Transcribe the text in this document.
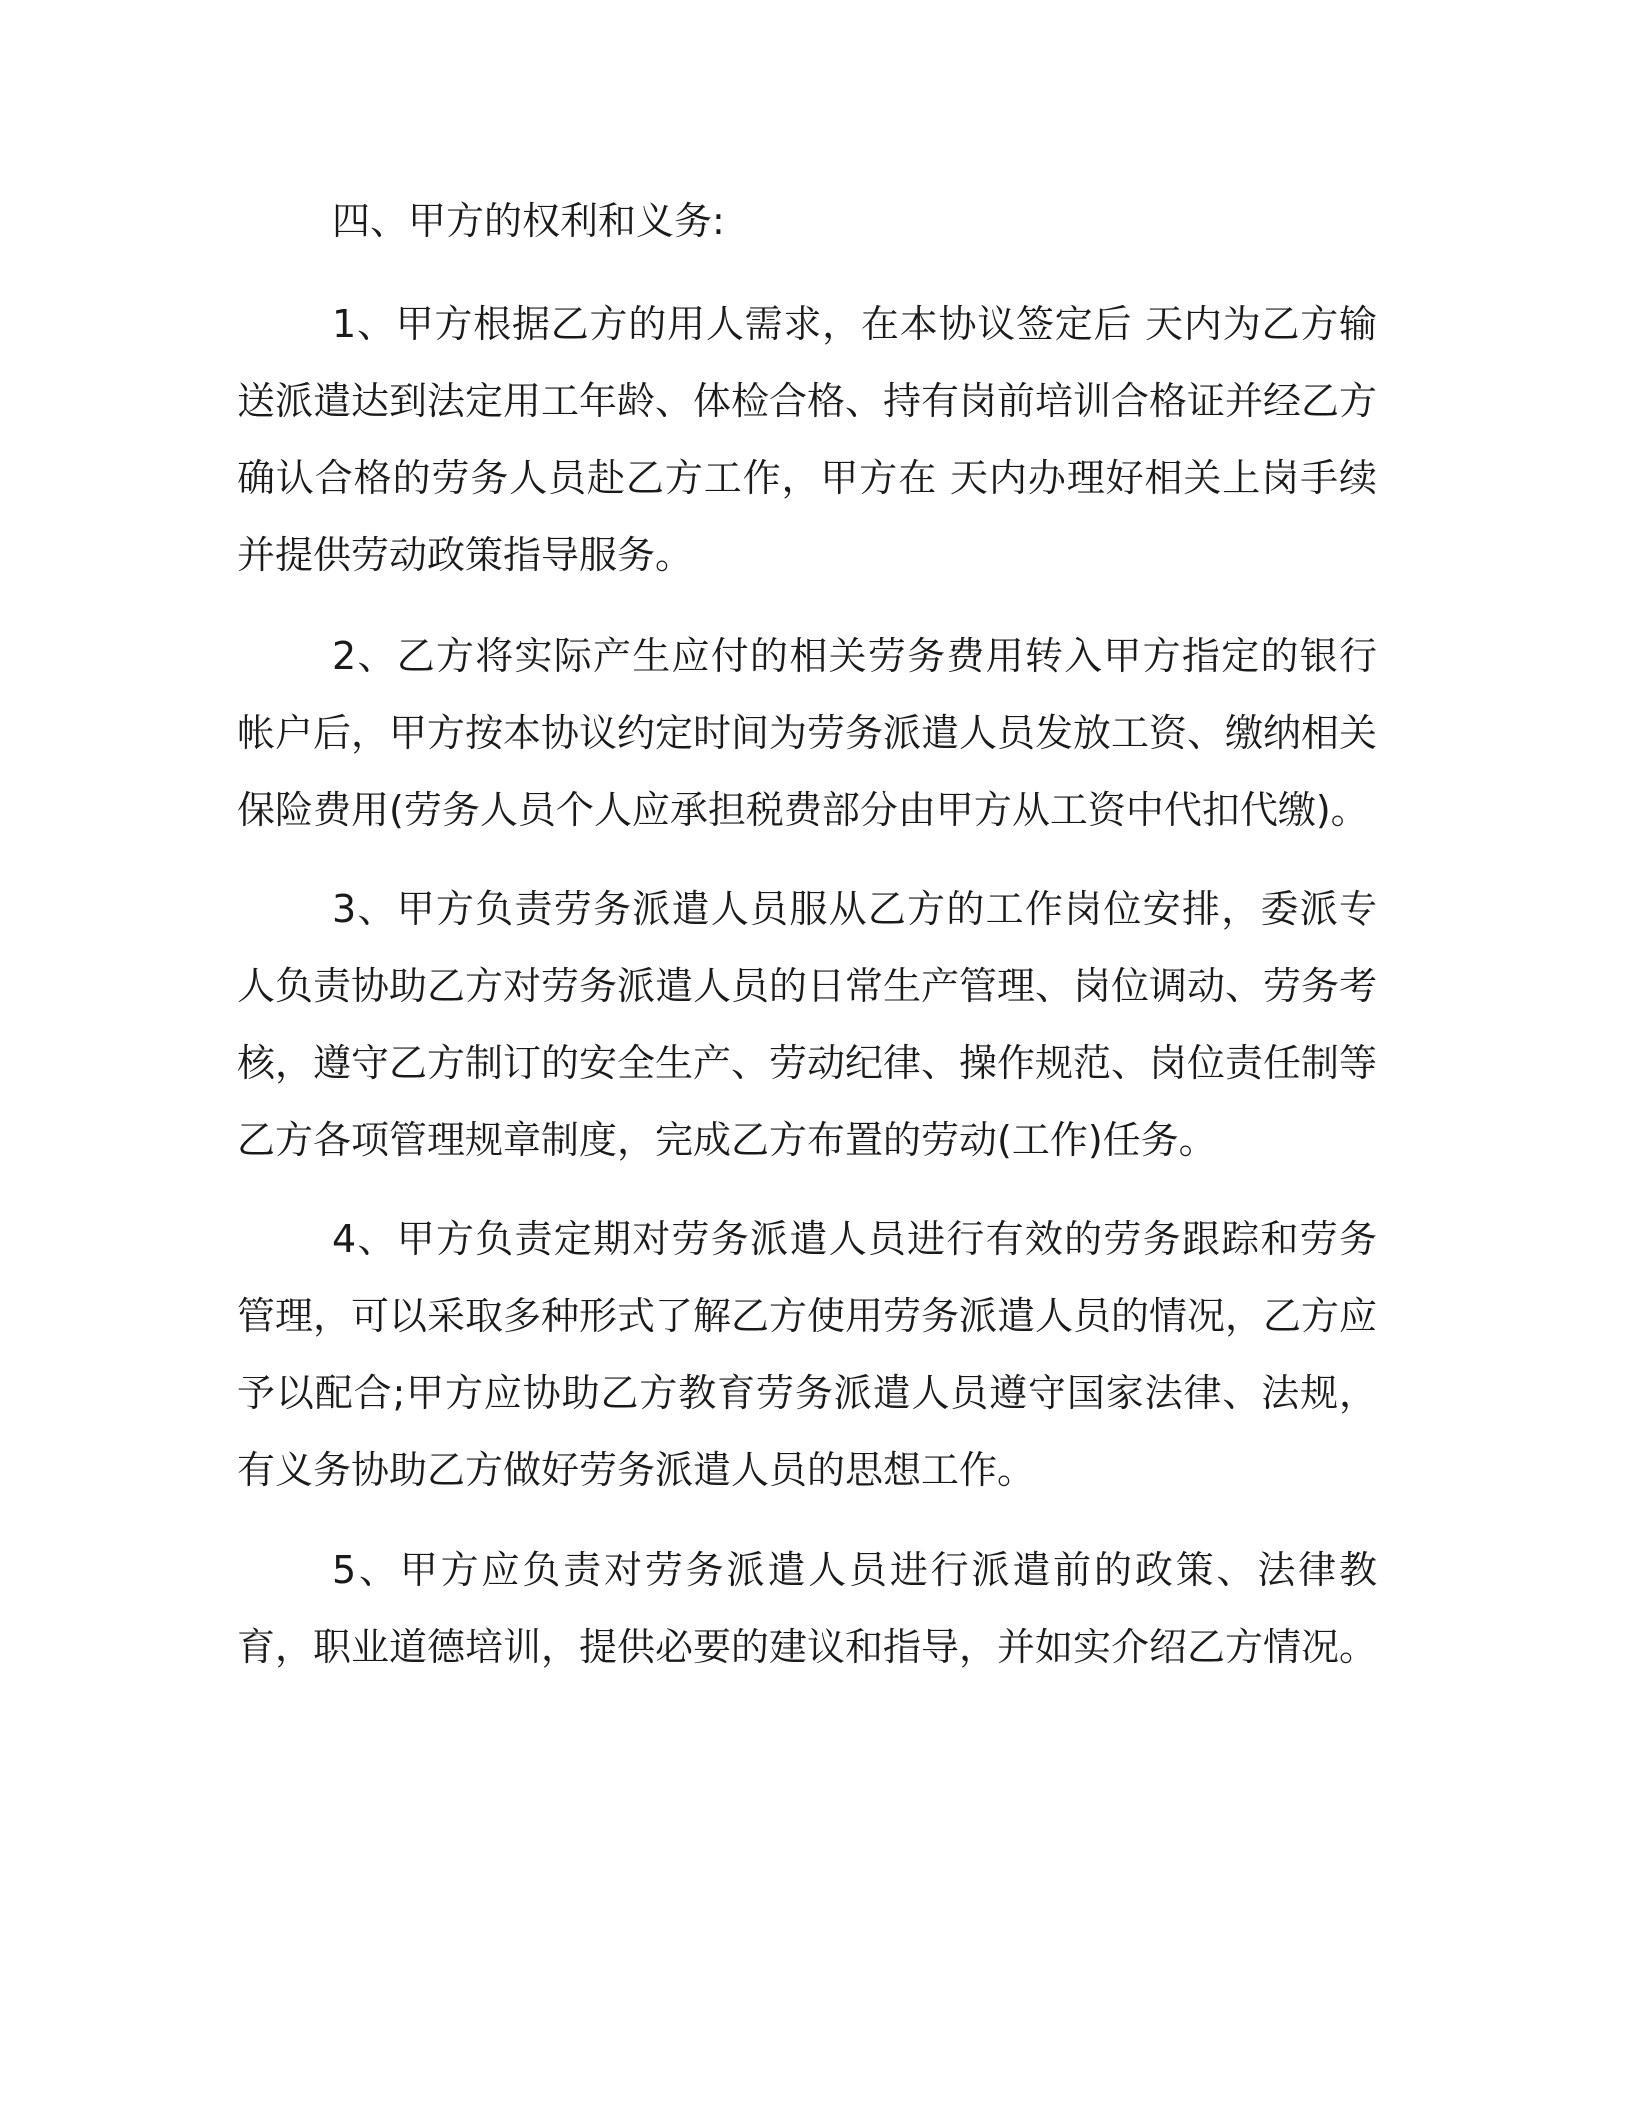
四、甲方的权利和义务:

1、甲方根据乙方的用人需求，在本协议签定后 天内为乙方输送派遣达到法定用工年龄、体检合格、持有岗前培训合格证并经乙方确认合格的劳务人员赴乙方工作，甲方在 天内办理好相关上岗手续并提供劳动政策指导服务。

2、乙方将实际产生应付的相关劳务费用转入甲方指定的银行帐户后，甲方按本协议约定时间为劳务派遣人员发放工资、缴纳相关保险费用(劳务人员个人应承担税费部分由甲方从工资中代扣代缴)。

3、甲方负责劳务派遣人员服从乙方的工作岗位安排，委派专人负责协助乙方对劳务派遣人员的日常生产管理、岗位调动、劳务考核，遵守乙方制订的安全生产、劳动纪律、操作规范、岗位责任制等乙方各项管理规章制度，完成乙方布置的劳动(工作)任务。

4、甲方负责定期对劳务派遣人员进行有效的劳务跟踪和劳务管理，可以采取多种形式了解乙方使用劳务派遣人员的情况，乙方应予以配合;甲方应协助乙方教育劳务派遣人员遵守国家法律、法规，有义务协助乙方做好劳务派遣人员的思想工作。

5、甲方应负责对劳务派遣人员进行派遣前的政策、法律教育，职业道德培训，提供必要的建议和指导，并如实介绍乙方情况。
